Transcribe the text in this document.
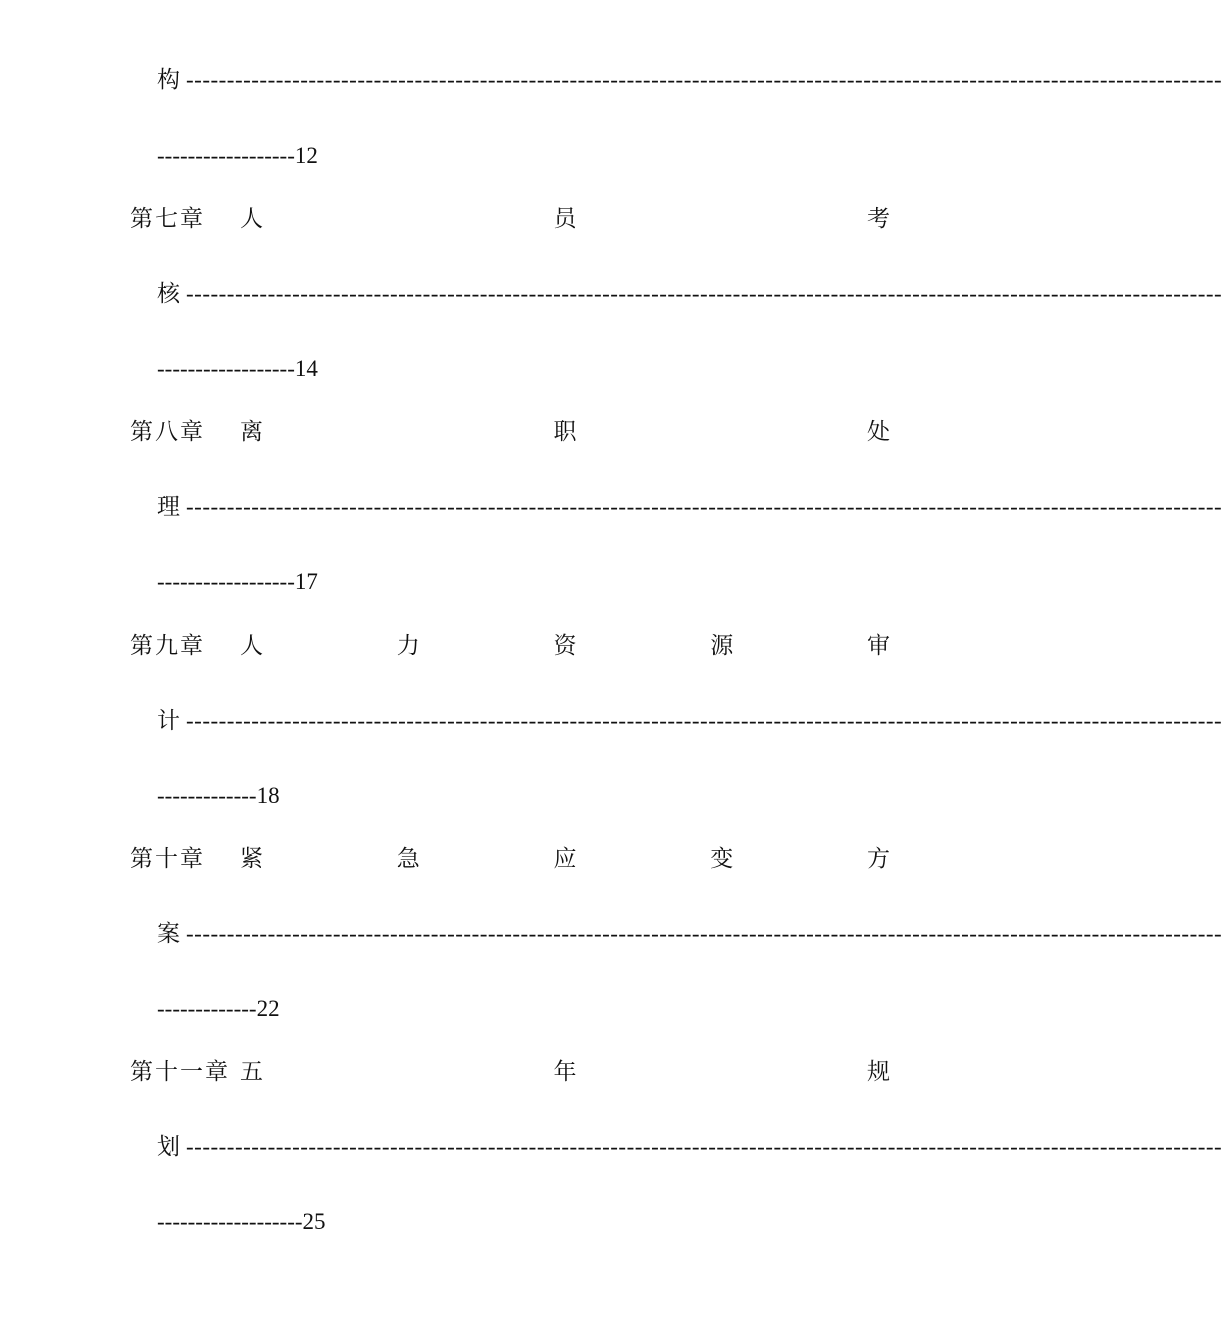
构 -------------------------------------------------------------------------------------------------------------------------------
------------------12
第七章	人	员	考
核 -------------------------------------------------------------------------------------------------------------------------------
------------------14
第八章	离	职	处
理 -------------------------------------------------------------------------------------------------------------------------------
------------------17
第九章	人	力	资	源	审
计 -------------------------------------------------------------------------------------------------------------------------------
-------------18
第十章	紧	急	应	变	方
案 -------------------------------------------------------------------------------------------------------------------------------
-------------22
第十一章 五	年	规
划 -------------------------------------------------------------------------------------------------------------------------------
-------------------25
